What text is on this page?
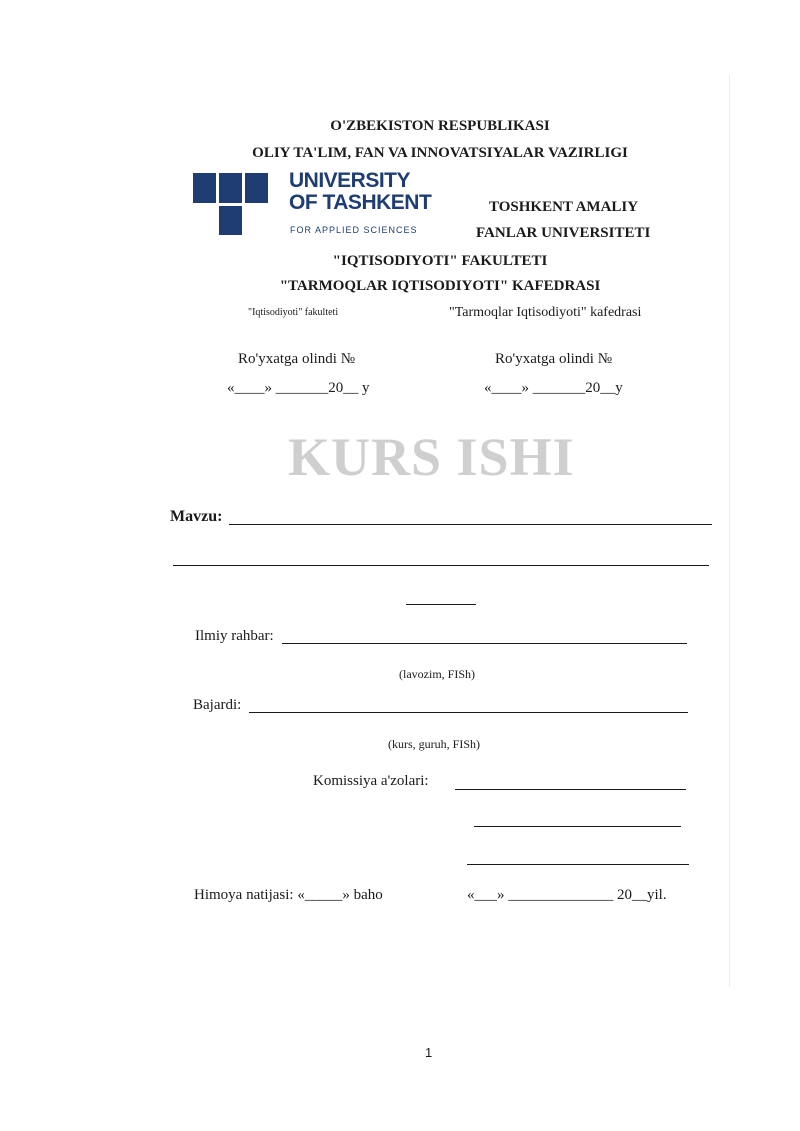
O'ZBEKISTON RESPUBLIKASI
OLIY TA'LIM, FAN VA INNOVATSIYALAR VAZIRLIGI
UNIVERSITY
OF TASHKENT
FOR APPLIED SCIENCES
TOSHKENT AMALIY
FANLAR UNIVERSITETI
"IQTISODIYOTI" FAKULTETI
"TARMOQLAR IQTISODIYOTI" KAFEDRASI
"Iqtisodiyoti" fakulteti	"Tarmoqlar Iqtisodiyoti" kafedrasi
Ro'yxatga olindi №
«____» _______20__ y
Ro'yxatga olindi №
«____» _______20__y
KURS ISHI
Mavzu:
Ilmiy rahbar:
(lavozim, FISh)
Bajardi:
(kurs, guruh, FISh)
Komissiya a'zolari:
Himoya natijasi: «_____» baho	«___» ______________ 20__yil.
1
